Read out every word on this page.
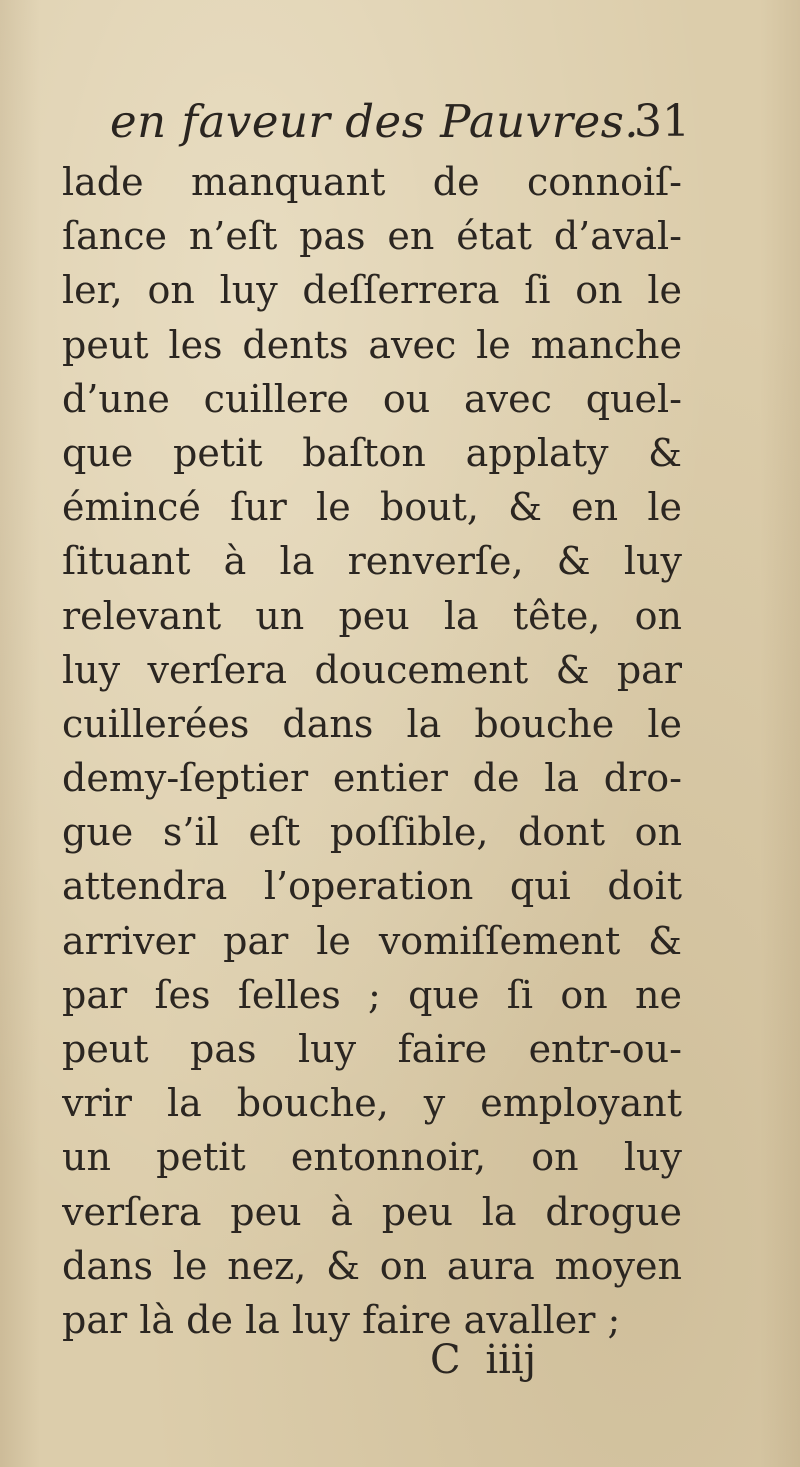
en faveur des Pauvres.
31
lade manquant de connoiſ-
ſance n’eſt pas en état d’aval-
ler, on luy deſſerrera ſi on le
peut les dents avec le manche
d’une cuillere ou avec quel-
que petit baſton applaty &
émincé ſur le bout, & en le
ſituant à la renverſe, & luy
relevant un peu la tête, on
luy verſera doucement & par
cuillerées dans la bouche le
demy-ſeptier entier de la dro-
gue s’il eſt poſſible, dont on
attendra l’operation qui doit
arriver par le vomiſſement &
par ſes ſelles ; que ſi on ne
peut pas luy faire entr-ou-
vrir la bouche, y employant
un petit entonnoir, on luy
verſera peu à peu la drogue
dans le nez, & on aura moyen
par là de la luy faire avaller ;
C iiij
